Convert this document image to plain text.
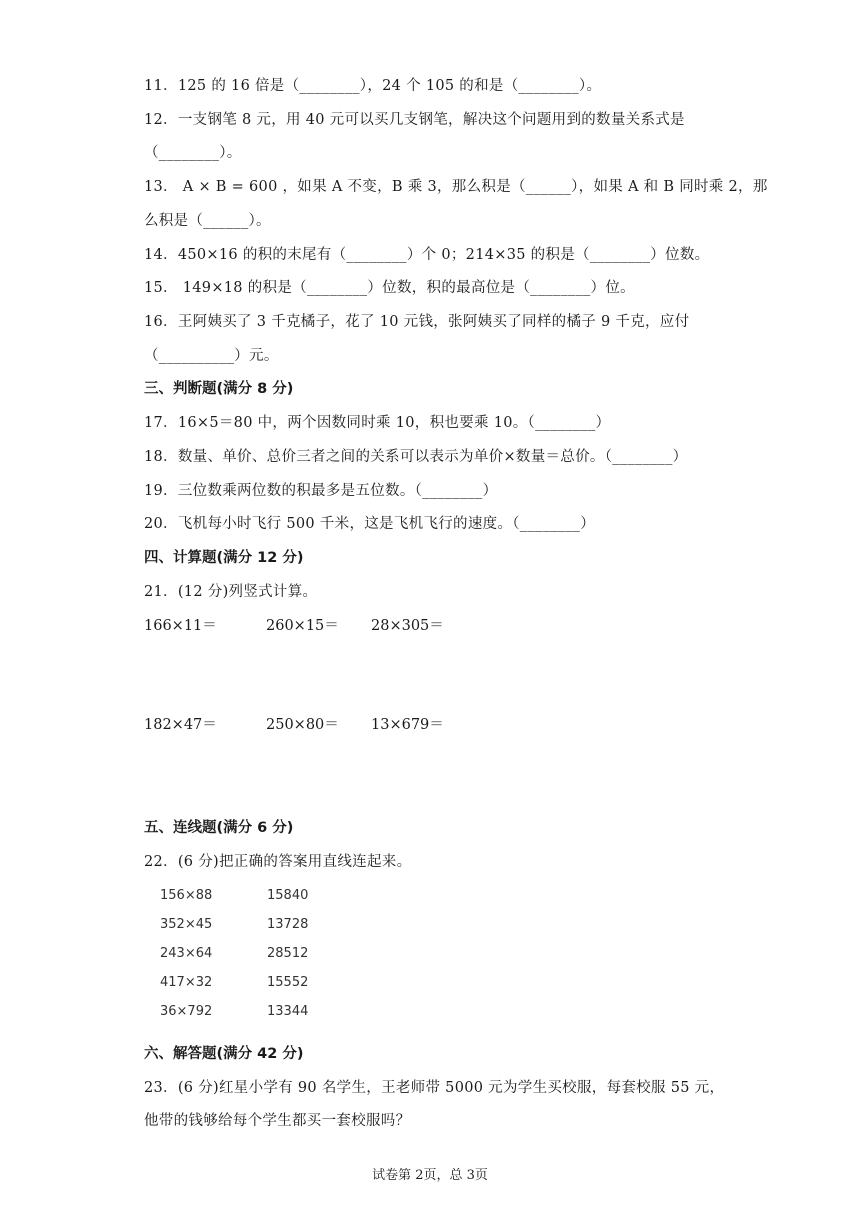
11．125 的 16 倍是（________），24 个 105 的和是（________）。
12．一支钢笔 8 元，用 40 元可以买几支钢笔，解决这个问题用到的数量关系式是
（________）。
13． A × B = 600 ，如果 A 不变，B 乘 3，那么积是（______），如果 A 和 B 同时乘 2，那
么积是（______）。
14．450×16 的积的末尾有（________）个 0；214×35 的积是（________）位数。
15． 149×18 的积是（________）位数，积的最高位是（________）位。
16．王阿姨买了 3 千克橘子，花了 10 元钱，张阿姨买了同样的橘子 9 千克，应付
（__________）元。
三、判断题(满分 8 分)
17．16×5＝80 中，两个因数同时乘 10，积也要乘 10。（________）
18．数量、单价、总价三者之间的关系可以表示为单价×数量＝总价。（________）
19．三位数乘两位数的积最多是五位数。（________）
20．飞机每小时飞行 500 千米，这是飞机飞行的速度。（________）
四、计算题(满分 12 分)
21．(12 分)列竖式计算。
166×11＝	260×15＝ 28×305＝
182×47＝	250×80＝ 13×679＝
五、连线题(满分 6 分)
22．(6 分)把正确的答案用直线连起来。
156×88
352×45
243×64
417×32
36×792
15840
13728
28512
15552
13344
六、解答题(满分 42 分)
23．(6 分)红星小学有 90 名学生，王老师带 5000 元为学生买校服，每套校服 55 元，
他带的钱够给每个学生都买一套校服吗？
试卷第 2页，总 3页
